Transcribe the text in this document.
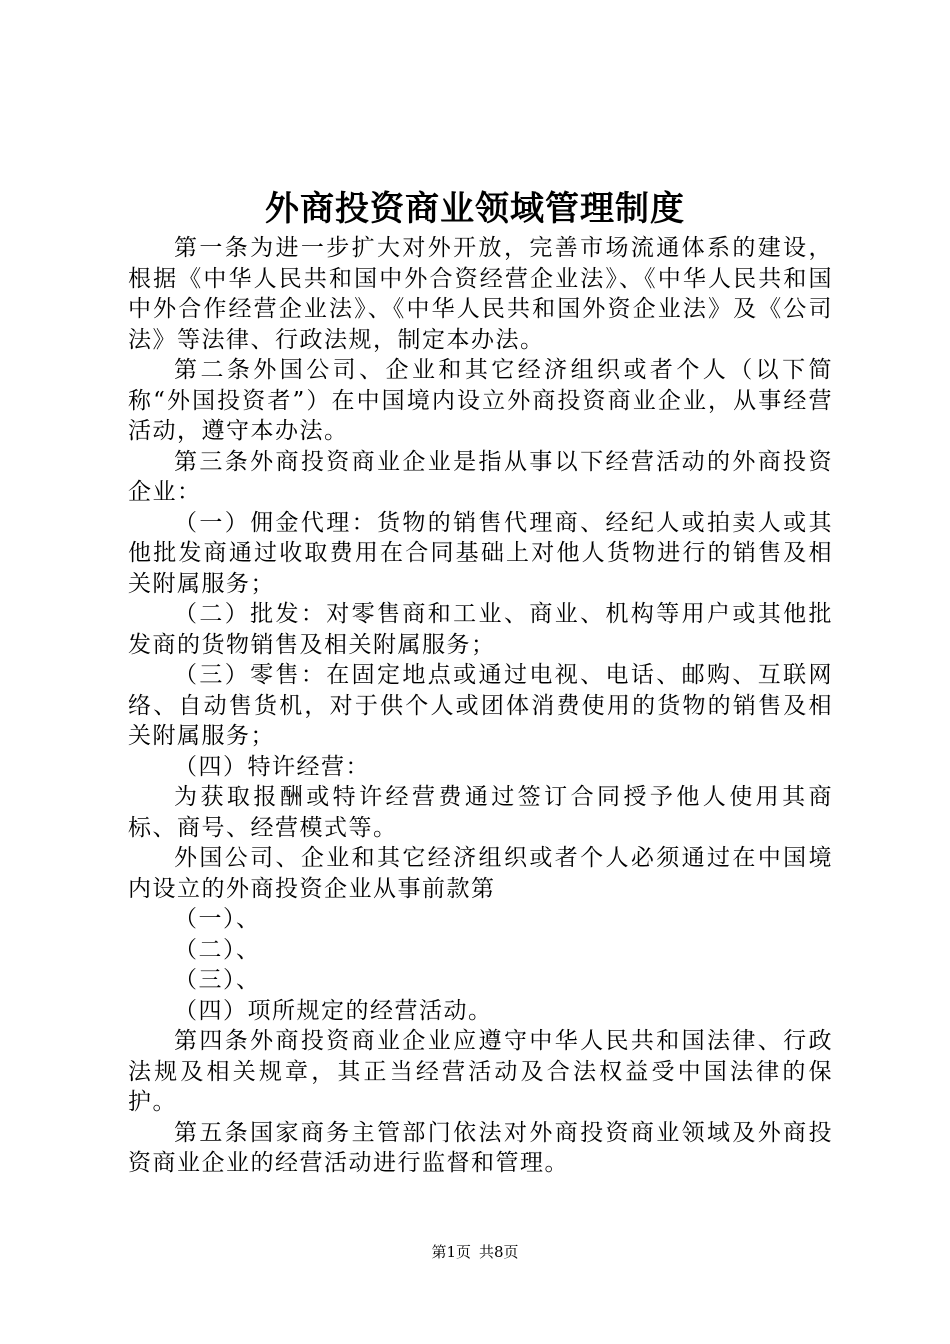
外商投资商业领域管理制度

第一条为进一步扩大对外开放，完善市场流通体系的建设，根据《中华人民共和国中外合资经营企业法》、《中华人民共和国中外合作经营企业法》、《中华人民共和国外资企业法》及《公司法》等法律、行政法规，制定本办法。

第二条外国公司、企业和其它经济组织或者个人（以下简称“外国投资者”）在中国境内设立外商投资商业企业，从事经营活动，遵守本办法。

第三条外商投资商业企业是指从事以下经营活动的外商投资企业：

（一）佣金代理：货物的销售代理商、经纪人或拍卖人或其他批发商通过收取费用在合同基础上对他人货物进行的销售及相关附属服务；

（二）批发：对零售商和工业、商业、机构等用户或其他批发商的货物销售及相关附属服务；

（三）零售：在固定地点或通过电视、电话、邮购、互联网络、自动售货机，对于供个人或团体消费使用的货物的销售及相关附属服务；

（四）特许经营：

为获取报酬或特许经营费通过签订合同授予他人使用其商标、商号、经营模式等。

外国公司、企业和其它经济组织或者个人必须通过在中国境内设立的外商投资企业从事前款第

（一）、

（二）、

（三）、

（四）项所规定的经营活动。

第四条外商投资商业企业应遵守中华人民共和国法律、行政法规及相关规章，其正当经营活动及合法权益受中国法律的保护。

第五条国家商务主管部门依法对外商投资商业领域及外商投资商业企业的经营活动进行监督和管理。

第1页 共8页
